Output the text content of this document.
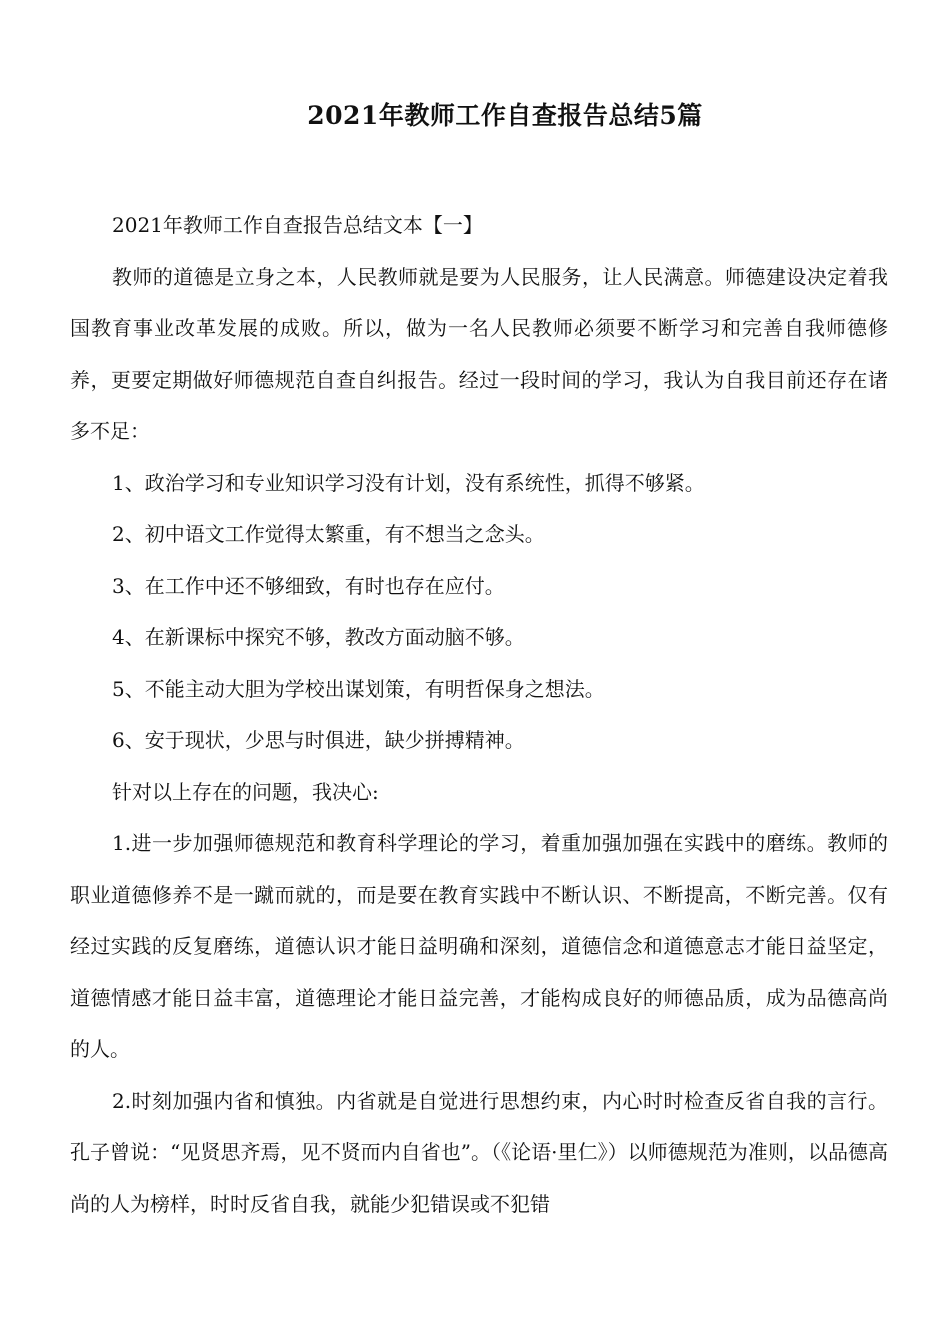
2021年教师工作自查报告总结5篇

2021年教师工作自查报告总结文本【一】

教师的道德是立身之本，人民教师就是要为人民服务，让人民满意。师德建设决定着我国教育事业改革发展的成败。所以，做为一名人民教师必须要不断学习和完善自我师德修养，更要定期做好师德规范自查自纠报告。经过一段时间的学习，我认为自我目前还存在诸多不足：

1、政治学习和专业知识学习没有计划，没有系统性，抓得不够紧。

2、初中语文工作觉得太繁重，有不想当之念头。

3、在工作中还不够细致，有时也存在应付。

4、在新课标中探究不够，教改方面动脑不够。

5、不能主动大胆为学校出谋划策，有明哲保身之想法。

6、安于现状，少思与时俱进，缺少拼搏精神。

针对以上存在的问题，我决心:

1.进一步加强师德规范和教育科学理论的学习，着重加强加强在实践中的磨练。教师的职业道德修养不是一蹴而就的，而是要在教育实践中不断认识、不断提高，不断完善。仅有经过实践的反复磨练，道德认识才能日益明确和深刻，道德信念和道德意志才能日益坚定，道德情感才能日益丰富，道德理论才能日益完善，才能构成良好的师德品质，成为品德高尚的人。

2.时刻加强内省和慎独。内省就是自觉进行思想约束，内心时时检查反省自我的言行。孔子曾说：“见贤思齐焉，见不贤而内自省也”。（《论语·里仁》）以师德规范为准则，以品德高尚的人为榜样，时时反省自我，就能少犯错误或不犯错
